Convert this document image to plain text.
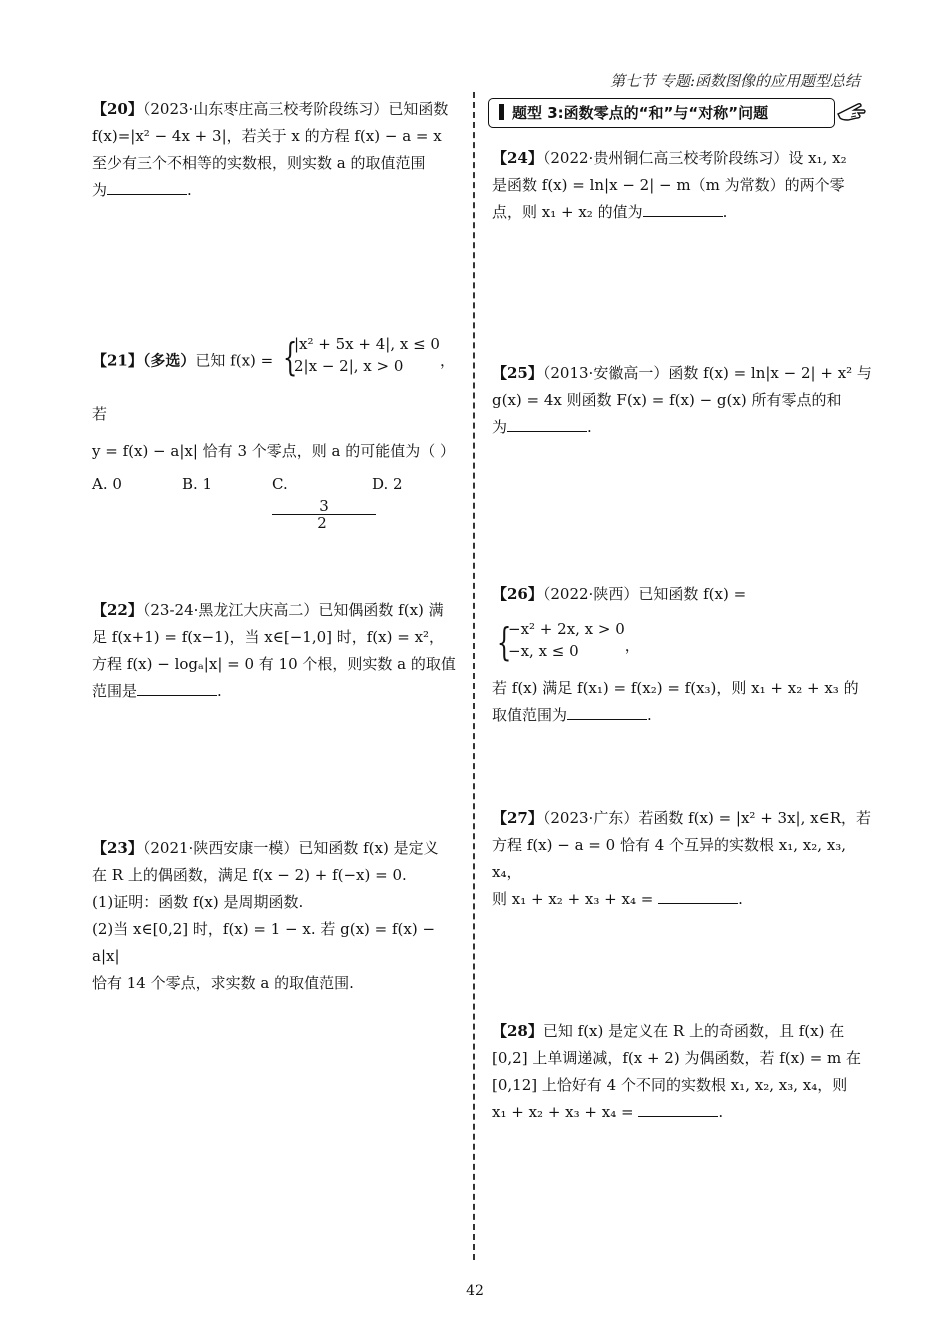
第七节 专题:函数图像的应用题型总结

【20】（2023·山东枣庄高三校考阶段练习）已知函数 f(x)=|x² − 4x + 3|，若关于 x 的方程 f(x) − a = x

至少有三个不相等的实数根，则实数 a 的取值范围

为	.

【21】（多选）已知 f(x) = {
|x² + 5x + 4|, x ≤ 0
2|x − 2|, x > 0	，若

y = f(x) − a|x| 恰有 3 个零点，则 a 的可能值为（ ）

A. 0	B. 1	C.
$\frac{3}{2}$
D. 2

【22】（23-24·黑龙江大庆高二）已知偶函数 f(x) 满

足 f(x+1) = f(x−1)，当 x∈[−1,0] 时，f(x) = x²，

方程 f(x) − logₐ|x| = 0 有 10 个根，则实数 a 的取值

范围是	.

【23】（2021·陕西安康一模）已知函数 f(x) 是定义

在 R 上的偶函数，满足 f(x − 2) + f(−x) = 0.

(1)证明：函数 f(x) 是周期函数.

(2)当 x∈[0,2] 时，f(x) = 1 − x. 若 g(x) = f(x) − a|x|

恰有 14 个零点，求实数 a 的取值范围.

题型 3:函数零点的“和”与“对称”问题

【24】（2022·贵州铜仁高三校考阶段练习）设 x₁, x₂

是函数 f(x) = ln|x − 2| − m（m 为常数）的两个零

点，则 x₁ + x₂ 的值为	.

【25】（2013·安徽高一）函数 f(x) = ln|x − 2| + x² 与

g(x) = 4x 则函数 F(x) = f(x) − g(x) 所有零点的和

为	.

【26】（2022·陕西）已知函数 f(x) =
{
−x² + 2x, x > 0
−x, x ≤ 0	，

若 f(x) 满足 f(x₁) = f(x₂) = f(x₃)，则 x₁ + x₂ + x₃ 的

取值范围为	.

【27】（2023·广东）若函数 f(x) = |x² + 3x|, x∈R，若

方程 f(x) − a = 0 恰有 4 个互异的实数根 x₁, x₂, x₃, x₄，

则 x₁ + x₂ + x₃ + x₄ =	.

【28】已知 f(x) 是定义在 R 上的奇函数，且 f(x) 在

[0,2] 上单调递减，f(x + 2) 为偶函数，若 f(x) = m 在

[0,12] 上恰好有 4 个不同的实数根 x₁, x₂, x₃, x₄，则

x₁ + x₂ + x₃ + x₄ =	.

42
